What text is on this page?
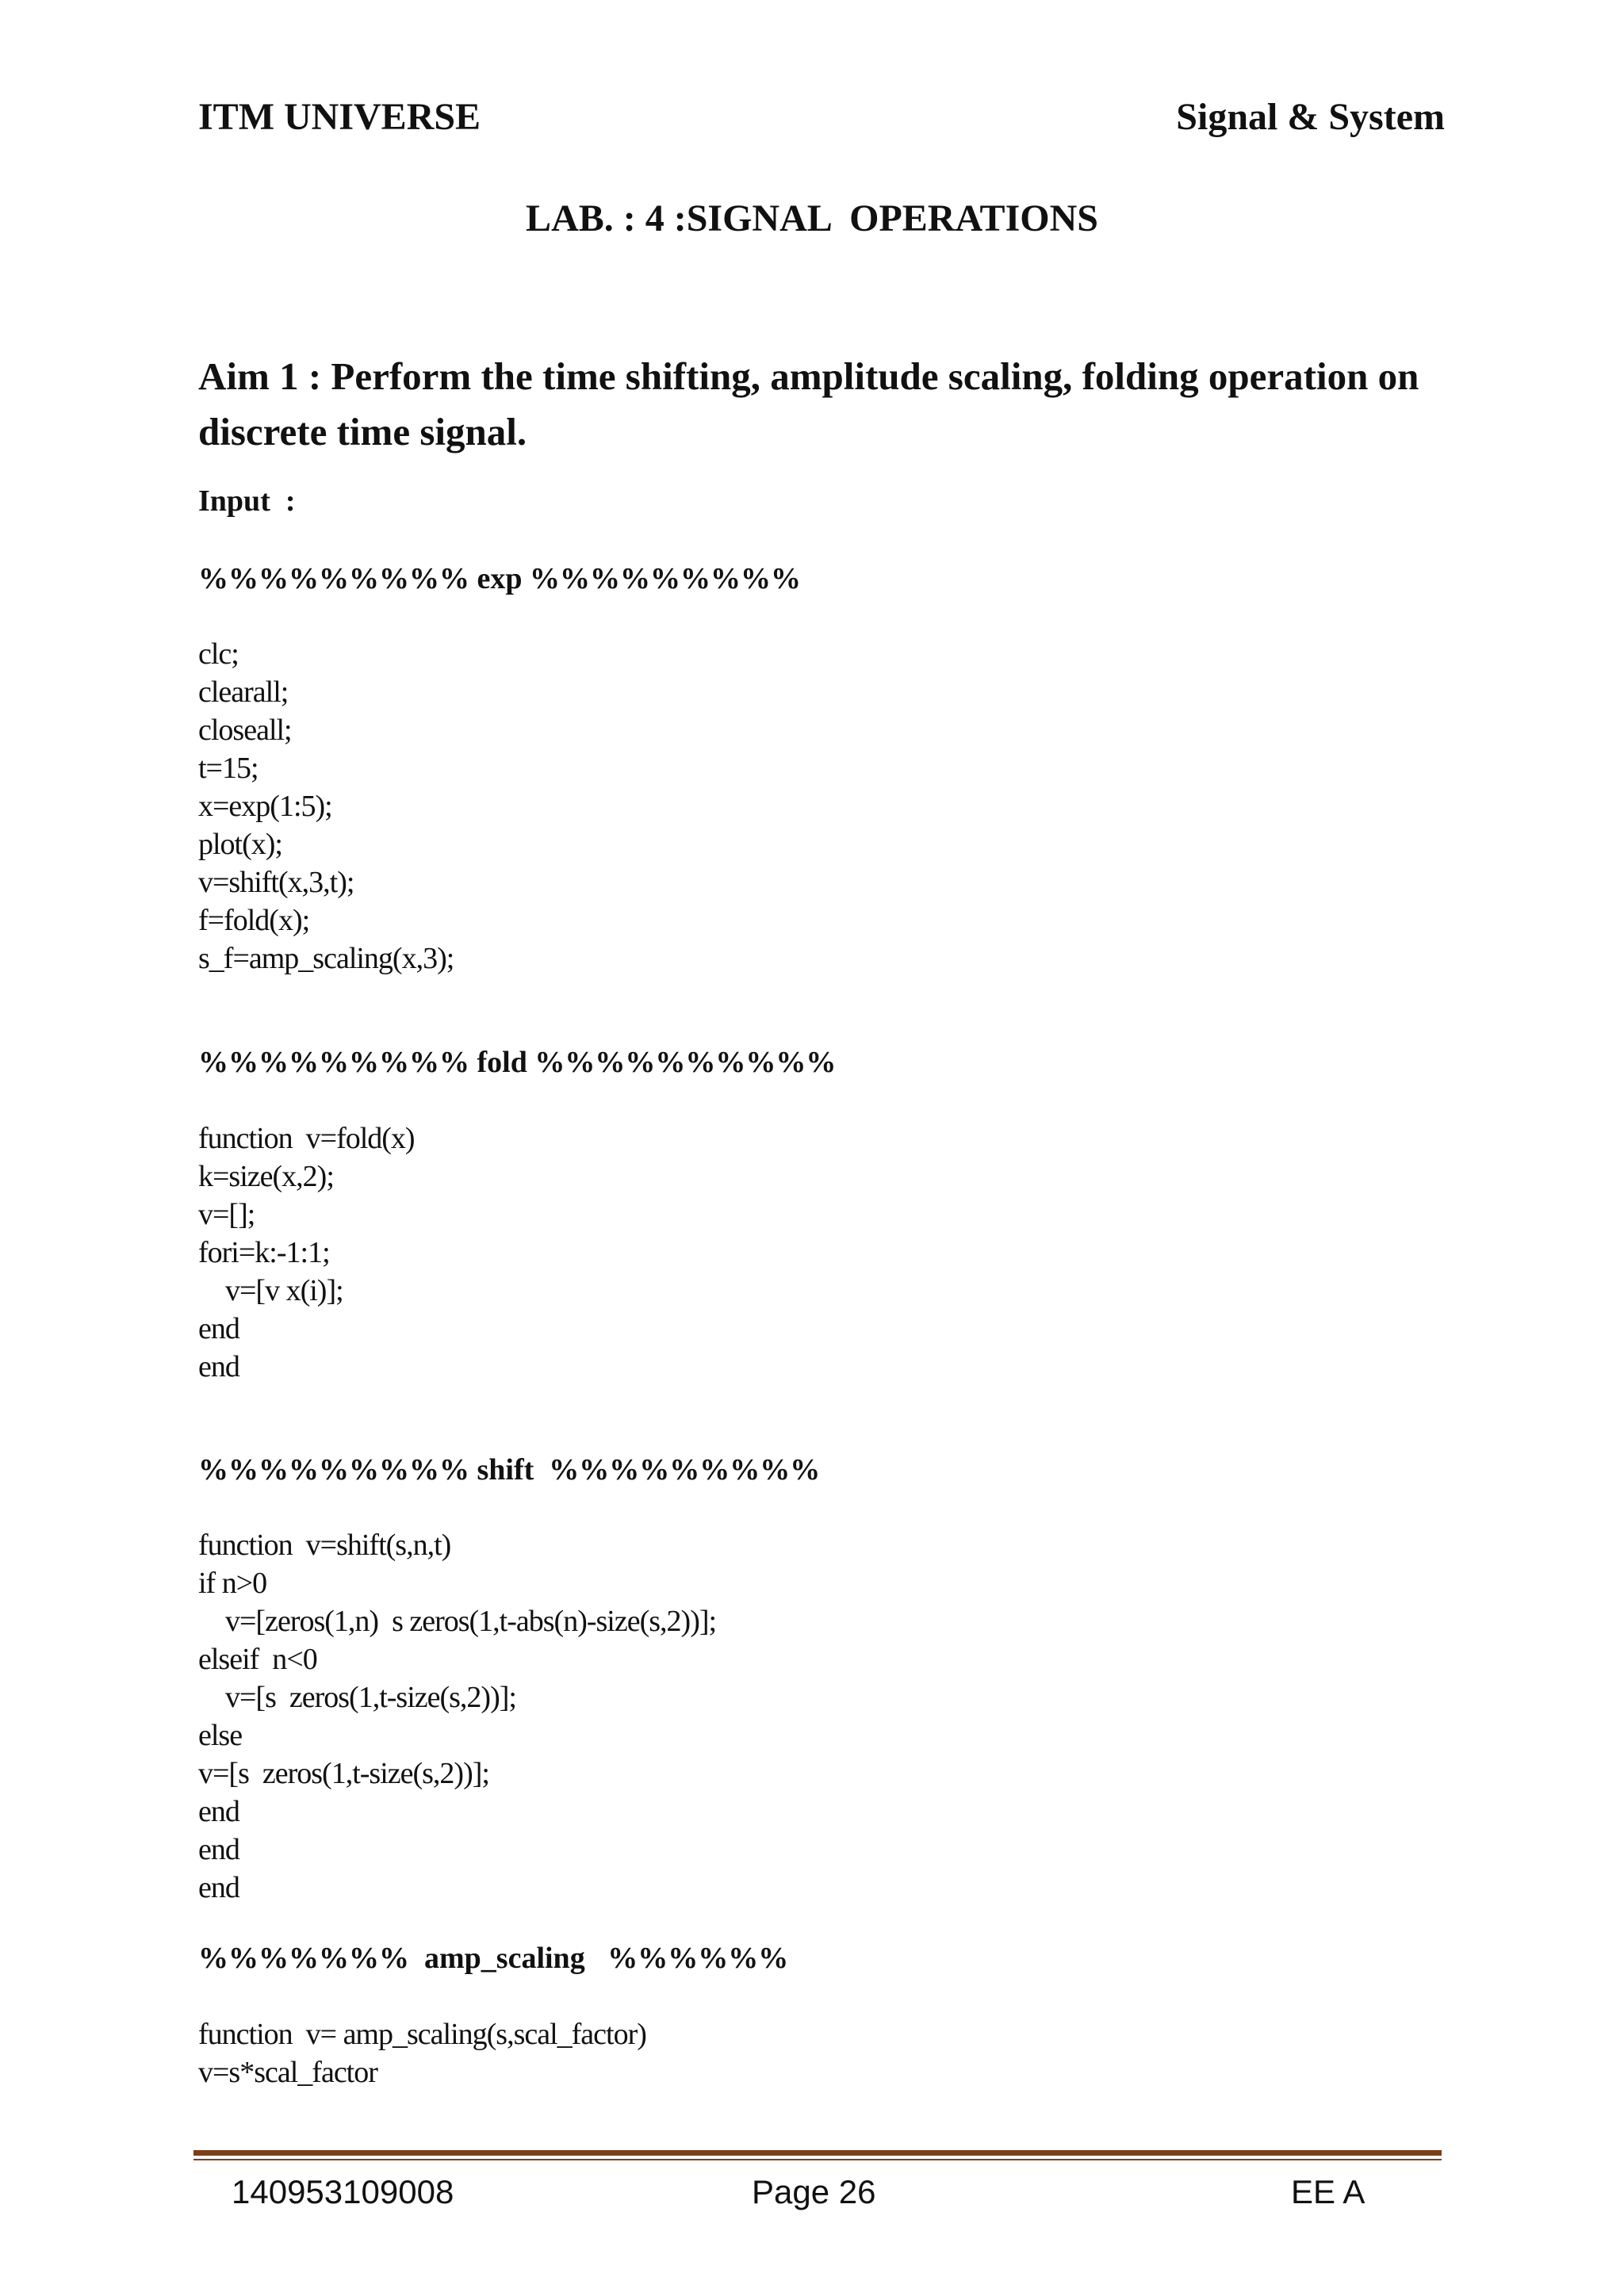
ITM UNIVERSE	Signal & System
LAB. : 4 :SIGNAL  OPERATIONS
Aim 1 : Perform the time shifting, amplitude scaling, folding operation on discrete time signal.
Input  :
%%%%%%%%% exp %%%%%%%%%
clc;
clearall;
closeall;
t=15;
x=exp(1:5);
plot(x);
v=shift(x,3,t);
f=fold(x);
s_f=amp_scaling(x,3);
%%%%%%%%% fold %%%%%%%%%%
function  v=fold(x)
k=size(x,2);
v=[];
fori=k:-1:1;
v=[v x(i)];
end
end
%%%%%%%%% shift  %%%%%%%%%
function  v=shift(s,n,t)
if n>0
v=[zeros(1,n)  s zeros(1,t-abs(n)-size(s,2))];
elseif  n<0
v=[s  zeros(1,t-size(s,2))];
else
v=[s  zeros(1,t-size(s,2))];
end
end
end
%%%%%%%  amp_scaling   %%%%%%
function  v= amp_scaling(s,scal_factor)
v=s*scal_factor
140953109008	Page 26	EE A
